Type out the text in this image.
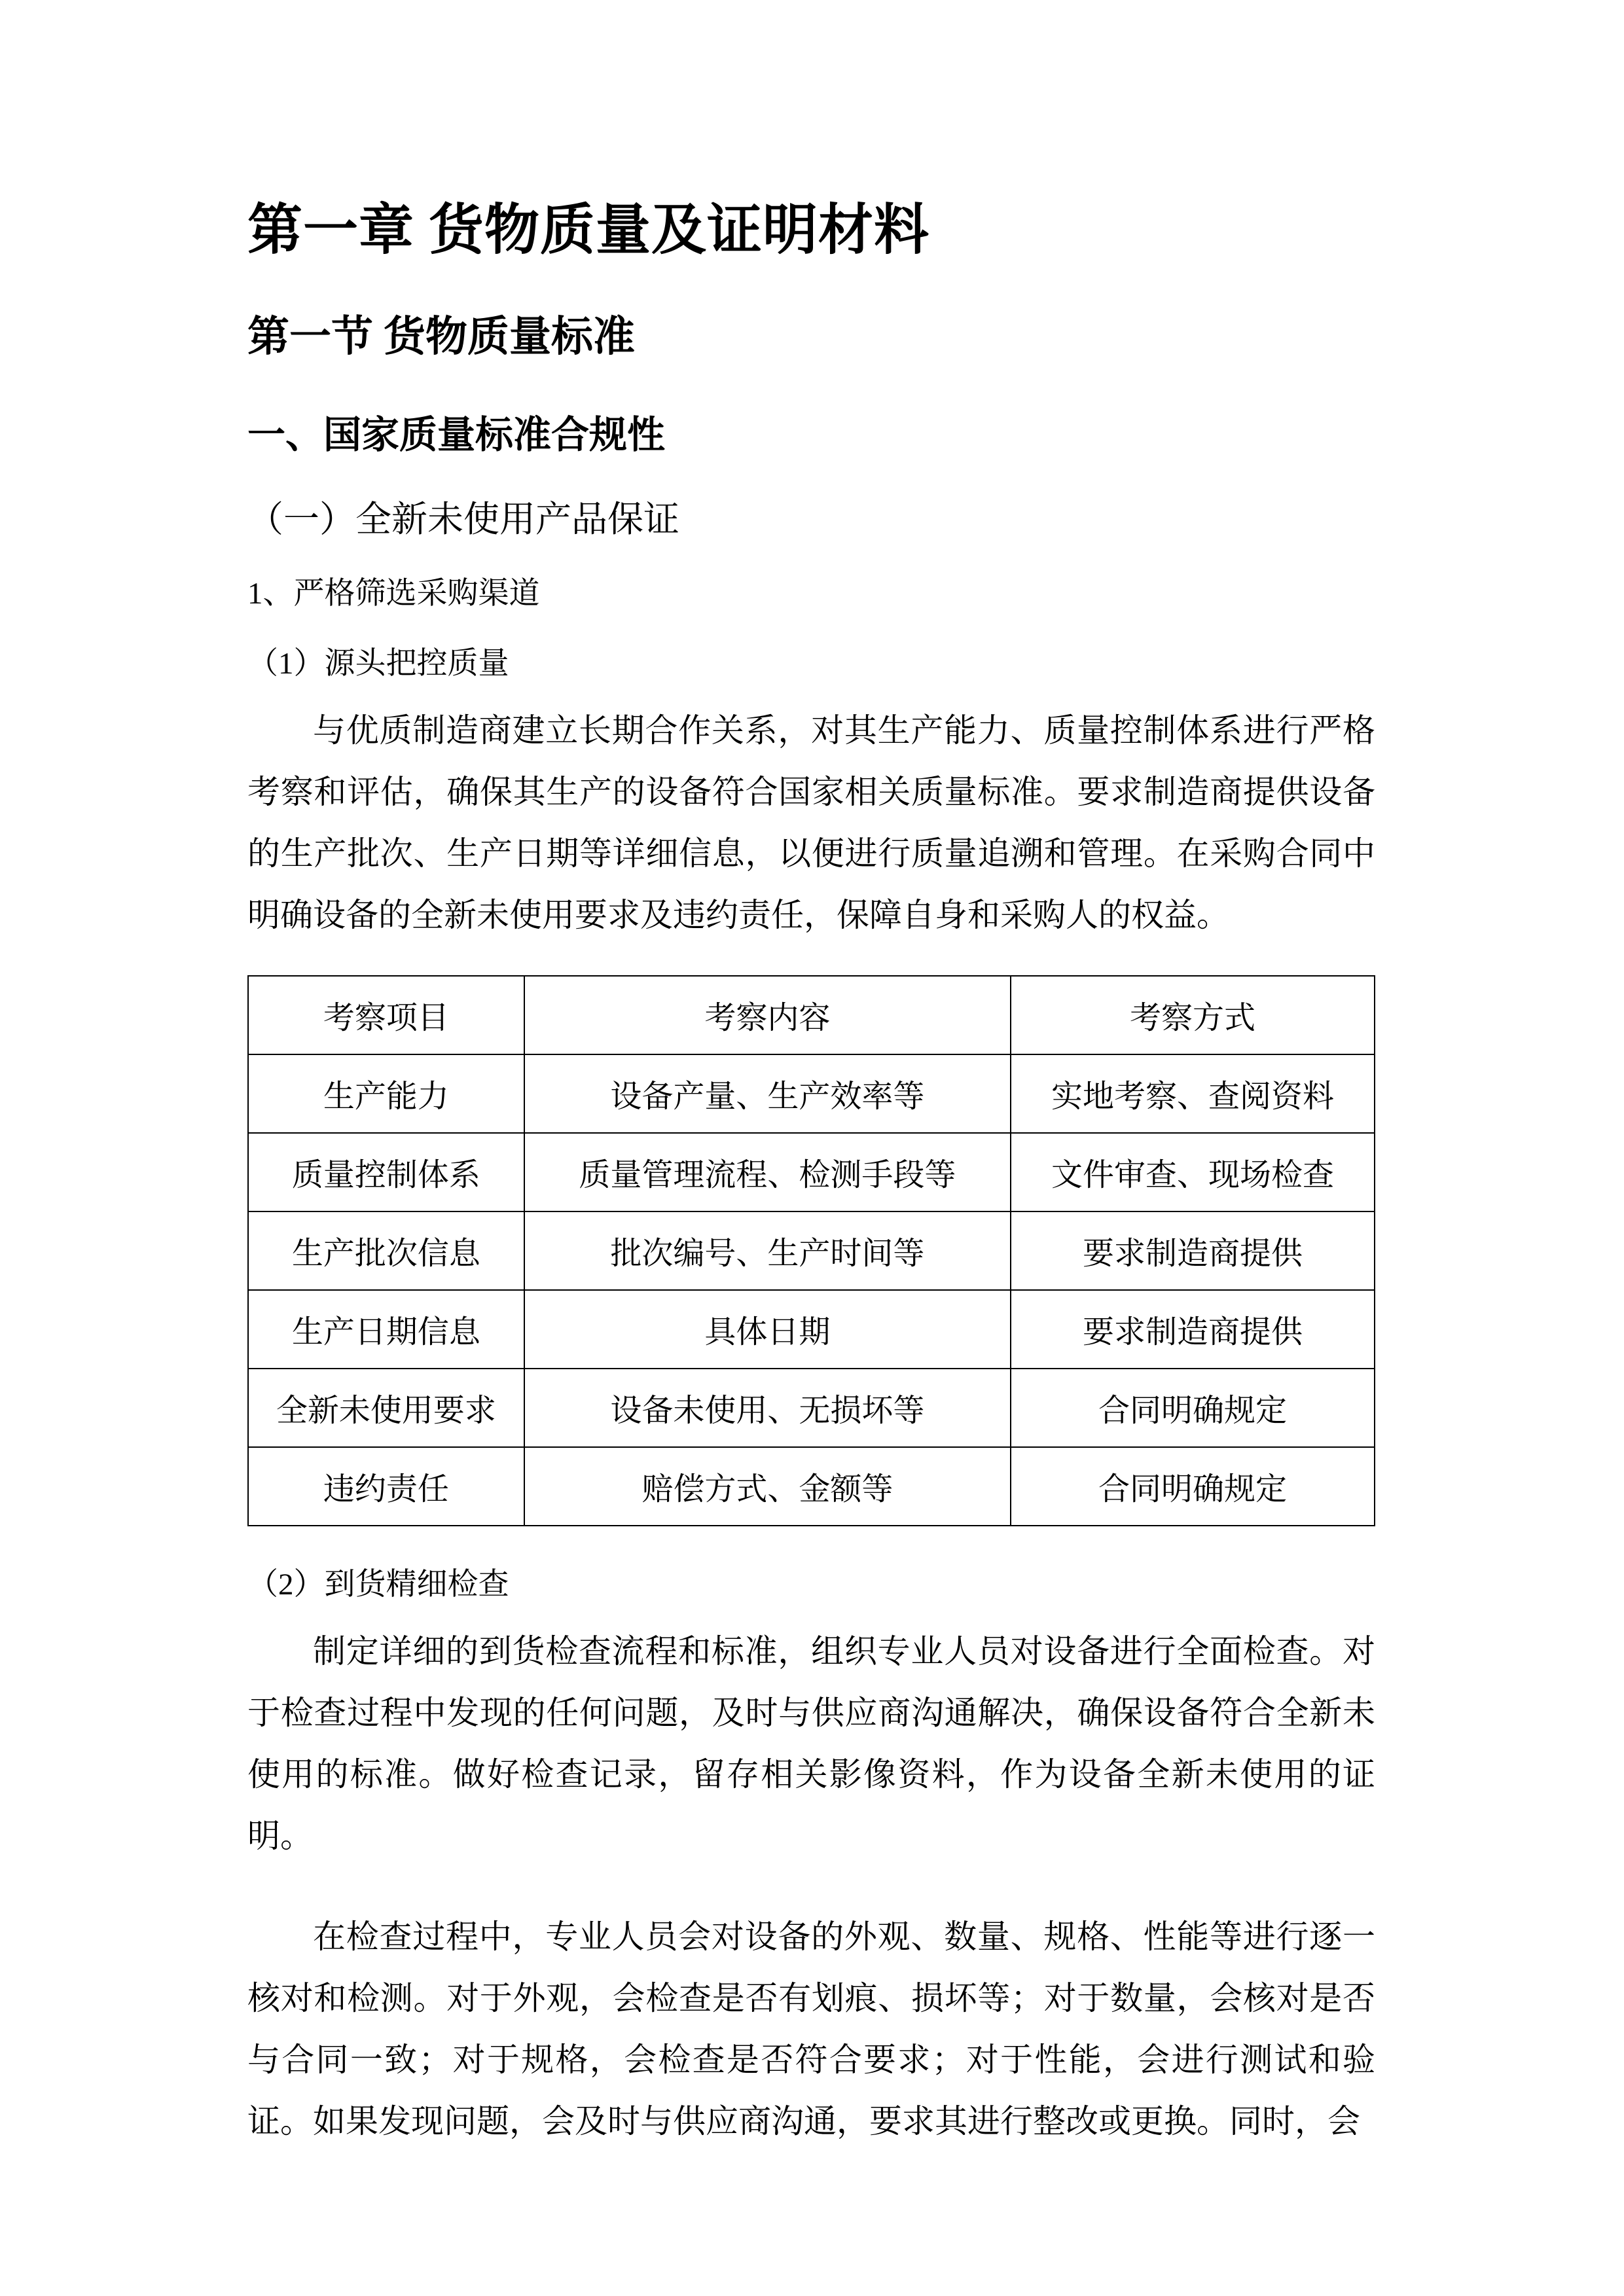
第一章 货物质量及证明材料
第一节 货物质量标准
一、国家质量标准合规性
（一）全新未使用产品保证
1、严格筛选采购渠道
（1）源头把控质量

与优质制造商建立长期合作关系，对其生产能力、质量控制体系进行严格考察和评估，确保其生产的设备符合国家相关质量标准。要求制造商提供设备的生产批次、生产日期等详细信息，以便进行质量追溯和管理。在采购合同中明确设备的全新未使用要求及违约责任，保障自身和采购人的权益。

考察项目	考察内容	考察方式
生产能力	设备产量、生产效率等	实地考察、查阅资料
质量控制体系	质量管理流程、检测手段等	文件审查、现场检查
生产批次信息	批次编号、生产时间等	要求制造商提供
生产日期信息	具体日期	要求制造商提供
全新未使用要求	设备未使用、无损坏等	合同明确规定
违约责任	赔偿方式、金额等	合同明确规定
（2）到货精细检查

制定详细的到货检查流程和标准，组织专业人员对设备进行全面检查。对于检查过程中发现的任何问题，及时与供应商沟通解决，确保设备符合全新未使用的标准。做好检查记录，留存相关影像资料，作为设备全新未使用的证明。

在检查过程中，专业人员会对设备的外观、数量、规格、性能等进行逐一核对和检测。对于外观，会检查是否有划痕、损坏等；对于数量，会核对是否与合同一致；对于规格，会检查是否符合要求；对于性能，会进行测试和验证。如果发现问题，会及时与供应商沟通，要求其进行整改或更换。同时，会
